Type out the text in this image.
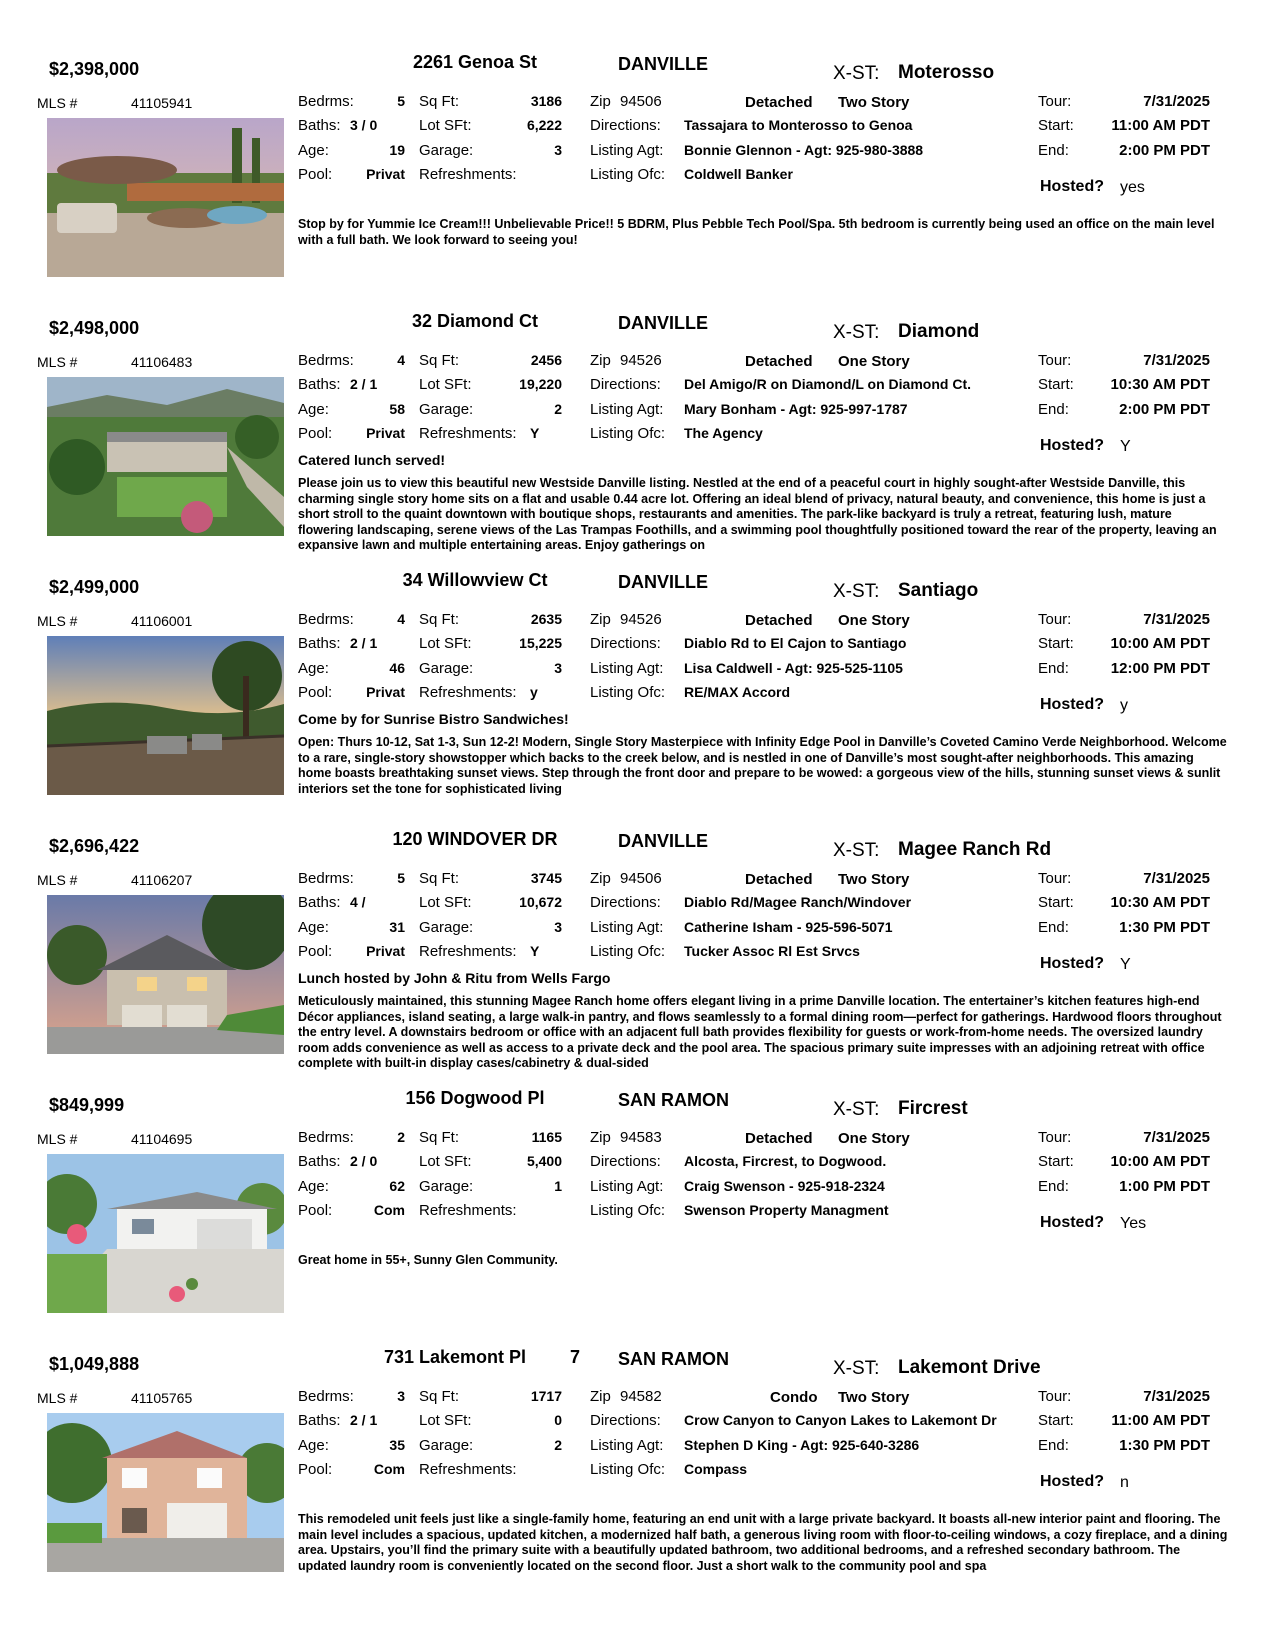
$2,398,000	2261 Genoa St	DANVILLE	X-ST: Moterosso
MLS #	41105941	Bedrms:	5
Baths: 3 / 0
Age:	19
Pool:	Privat
Sq Ft:	3186
Lot SFt:	6,222
Garage:	3
Refreshments:
Zip 94506	Detached Two Story
Directions: Tassajara to Monterosso to Genoa
Listing Agt: Bonnie Glennon - Agt: 925-980-3888
Listing Ofc: Coldwell Banker
Tour:	7/31/2025
Start:	11:00 AM PDT
End:	2:00 PM PDT
Hosted? yes
Stop by for Yummie Ice Cream!!! Unbelievable Price!! 5 BDRM, Plus Pebble Tech Pool/Spa. 5th bedroom is currently being used an office on the main level with a full bath. We look forward to seeing you!
$2,498,000	32 Diamond Ct	DANVILLE	X-ST: Diamond
MLS #	41106483	Bedrms:	4
Baths: 2 / 1
Age:	58
Pool:	Privat
Sq Ft:	2456
Lot SFt:	19,220
Garage:	2
Refreshments: Y
Zip 94526	Detached One Story
Directions: Del Amigo/R on Diamond/L on Diamond Ct.
Listing Agt: Mary Bonham - Agt: 925-997-1787
Listing Ofc: The Agency
Tour:	7/31/2025
Start:	10:30 AM PDT
End:	2:00 PM PDT
Hosted? Y
Catered lunch served!
Please join us to view this beautiful new Westside Danville listing. Nestled at the end of a peaceful court in highly sought-after Westside Danville, this charming single story home sits on a flat and usable 0.44 acre lot. Offering an ideal blend of privacy, natural beauty, and convenience, this home is just a short stroll to the quaint downtown with boutique shops, restaurants and amenities. The park-like backyard is truly a retreat, featuring lush, mature flowering landscaping, serene views of the Las Trampas Foothills, and a swimming pool thoughtfully positioned toward the rear of the property, leaving an expansive lawn and multiple entertaining areas. Enjoy gatherings on
$2,499,000	34 Willowview Ct	DANVILLE	X-ST: Santiago
MLS #	41106001	Bedrms:	4
Baths: 2 / 1
Age:	46
Pool:	Privat
Sq Ft:	2635
Lot SFt:	15,225
Garage:	3
Refreshments: y
Zip 94526	Detached One Story
Directions: Diablo Rd to El Cajon to Santiago
Listing Agt: Lisa Caldwell - Agt: 925-525-1105
Listing Ofc: RE/MAX Accord
Tour:	7/31/2025
Start:	10:00 AM PDT
End:	12:00 PM PDT
Hosted? y
Come by for Sunrise Bistro Sandwiches!
Open: Thurs 10-12, Sat 1-3, Sun 12-2! Modern, Single Story Masterpiece with Infinity Edge Pool in Danville’s Coveted Camino Verde Neighborhood. Welcome to a rare, single-story showstopper which backs to the creek below, and is nestled in one of Danville’s most sought-after neighborhoods. This amazing home boasts breathtaking sunset views. Step through the front door and prepare to be wowed: a gorgeous view of the hills, stunning sunset views & sunlit interiors set the tone for sophisticated living
$2,696,422	120 WINDOVER DR	DANVILLE	X-ST: Magee Ranch Rd
MLS #	41106207	Bedrms:	5
Baths: 4 /
Age:	31
Pool:	Privat
Sq Ft:	3745
Lot SFt:	10,672
Garage:	3
Refreshments: Y
Zip 94506	Detached Two Story
Directions: Diablo Rd/Magee Ranch/Windover
Listing Agt: Catherine Isham - 925-596-5071
Listing Ofc: Tucker Assoc Rl Est Srvcs
Tour:	7/31/2025
Start:	10:30 AM PDT
End:	1:30 PM PDT
Hosted? Y
Lunch hosted by John & Ritu from Wells Fargo
Meticulously maintained, this stunning Magee Ranch home offers elegant living in a prime Danville location. The entertainer’s kitchen features high-end Décor appliances, island seating, a large walk-in pantry, and flows seamlessly to a formal dining room—perfect for gatherings. Hardwood floors throughout the entry level. A downstairs bedroom or office with an adjacent full bath provides flexibility for guests or work-from-home needs. The oversized laundry room adds convenience as well as access to a private deck and the pool area. The spacious primary suite impresses with an adjoining retreat with office complete with built-in display cases/cabinetry & dual-sided
$849,999	156 Dogwood Pl	SAN RAMON	X-ST: Fircrest
MLS #	41104695	Bedrms:	2
Baths: 2 / 0
Age:	62
Pool:	Com
Sq Ft:	1165
Lot SFt:	5,400
Garage:	1
Refreshments:
Zip 94583	Detached One Story
Directions: Alcosta, Fircrest, to Dogwood.
Listing Agt: Craig Swenson - 925-918-2324
Listing Ofc: Swenson Property Managment
Tour:	7/31/2025
Start:	10:00 AM PDT
End:	1:00 PM PDT
Hosted? Yes
Great home in 55+, Sunny Glen Community.
$1,049,888	731 Lakemont Pl	7 SAN RAMON	X-ST: Lakemont Drive
MLS #	41105765	Bedrms:	3
Baths: 2 / 1
Age:	35
Pool:	Com
Sq Ft:	1717
Lot SFt:	0
Garage:	2
Refreshments:
Zip 94582	Condo Two Story
Directions: Crow Canyon to Canyon Lakes to Lakemont Dr
Listing Agt: Stephen D King - Agt: 925-640-3286
Listing Ofc: Compass
Tour:	7/31/2025
Start:	11:00 AM PDT
End:	1:30 PM PDT
Hosted? n
This remodeled unit feels just like a single-family home, featuring an end unit with a large private backyard. It boasts all-new interior paint and flooring. The main level includes a spacious, updated kitchen, a modernized half bath, a generous living room with floor-to-ceiling windows, a cozy fireplace, and a dining area. Upstairs, you’ll find the primary suite with a beautifully updated bathroom, two additional bedrooms, and a refreshed secondary bathroom. The updated laundry room is conveniently located on the second floor. Just a short walk to the community pool and spa
